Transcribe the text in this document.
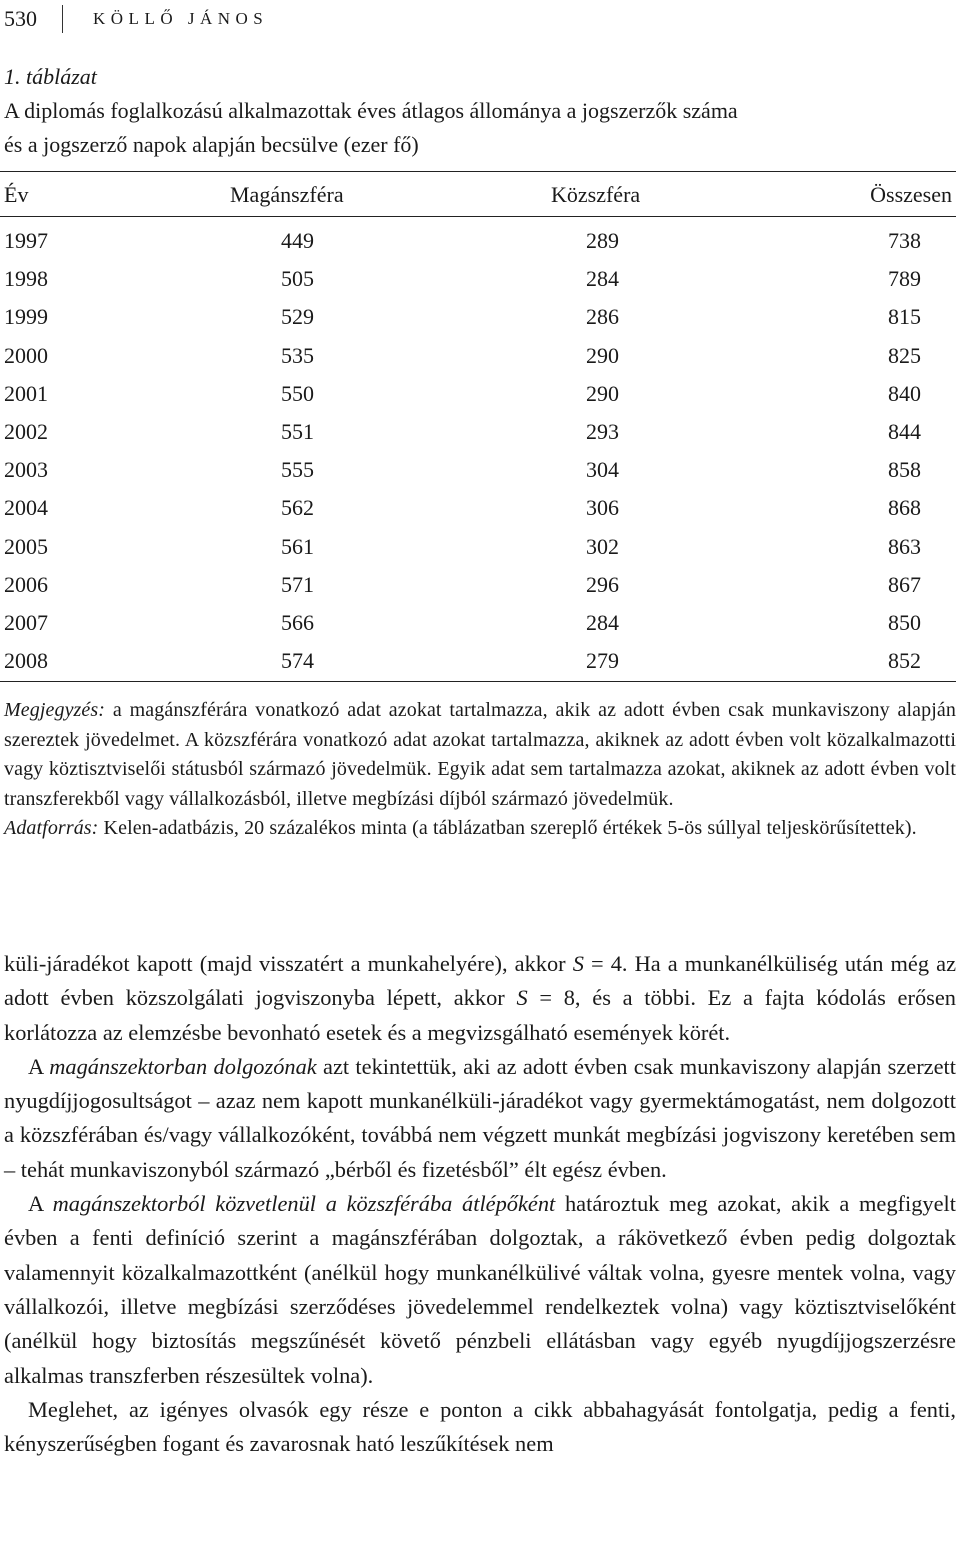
530	KÖLLŐ JÁNOS
1. táblázat
A diplomás foglalkozású alkalmazottak éves átlagos állománya a jogszerzők száma
és a jogszerző napok alapján becsülve (ezer fő)
Év	Magánszféra	Közszféra	Összesen
1997	449	289	738
1998	505	284	789
1999	529	286	815
2000	535	290	825
2001	550	290	840
2002	551	293	844
2003	555	304	858
2004	562	306	868
2005	561	302	863
2006	571	296	867
2007	566	284	850
2008	574	279	852
Megjegyzés: a magánszférára vonatkozó adat azokat tartalmazza, akik az adott évben csak munkaviszony alapján szereztek jövedelmet. A közszférára vonatkozó adat azokat tartalmazza, akiknek az adott évben volt közalkalmazotti vagy köztisztviselői státusból származó jövedelmük. Egyik adat sem tartalmazza azokat, akiknek az adott évben volt transzferekből vagy vállalkozásból, illetve megbízási díjból származó jövedelmük.
Adatforrás: Kelen-adatbázis, 20 százalékos minta (a táblázatban szereplő értékek 5-ös súllyal teljeskörűsítettek).

küli-járadékot kapott (majd visszatért a munkahelyére), akkor S = 4. Ha a munkanélküliség után még az adott évben közszolgálati jogviszonyba lépett, akkor S = 8, és a többi. Ez a fajta kódolás erősen korlátozza az elemzésbe bevonható esetek és a megvizsgálható események körét.

A magánszektorban dolgozónak azt tekintettük, aki az adott évben csak munkaviszony alapján szerzett nyugdíjjogosultságot – azaz nem kapott munkanélküli-járadékot vagy gyermektámogatást, nem dolgozott a közszférában és/vagy vállalkozóként, továbbá nem végzett munkát megbízási jogviszony keretében sem – tehát munkaviszonyból származó „bérből és fizetésből” élt egész évben.

A magánszektorból közvetlenül a közszférába átlépőként határoztuk meg azokat, akik a megfigyelt évben a fenti definíció szerint a magánszférában dolgoztak, a rákövetkező évben pedig dolgoztak valamennyit közalkalmazottként (anélkül hogy munkanélkülivé váltak volna, gyesre mentek volna, vagy vállalkozói, illetve megbízási szerződéses jövedelemmel rendelkeztek volna) vagy köztisztviselőként (anélkül hogy biztosítás megszűnését követő pénzbeli ellátásban vagy egyéb nyugdíjjogszerzésre alkalmas transzferben részesültek volna).

Meglehet, az igényes olvasók egy része e ponton a cikk abbahagyását fontolgatja, pedig a fenti, kényszerűségben fogant és zavarosnak ható leszűkítések nem
